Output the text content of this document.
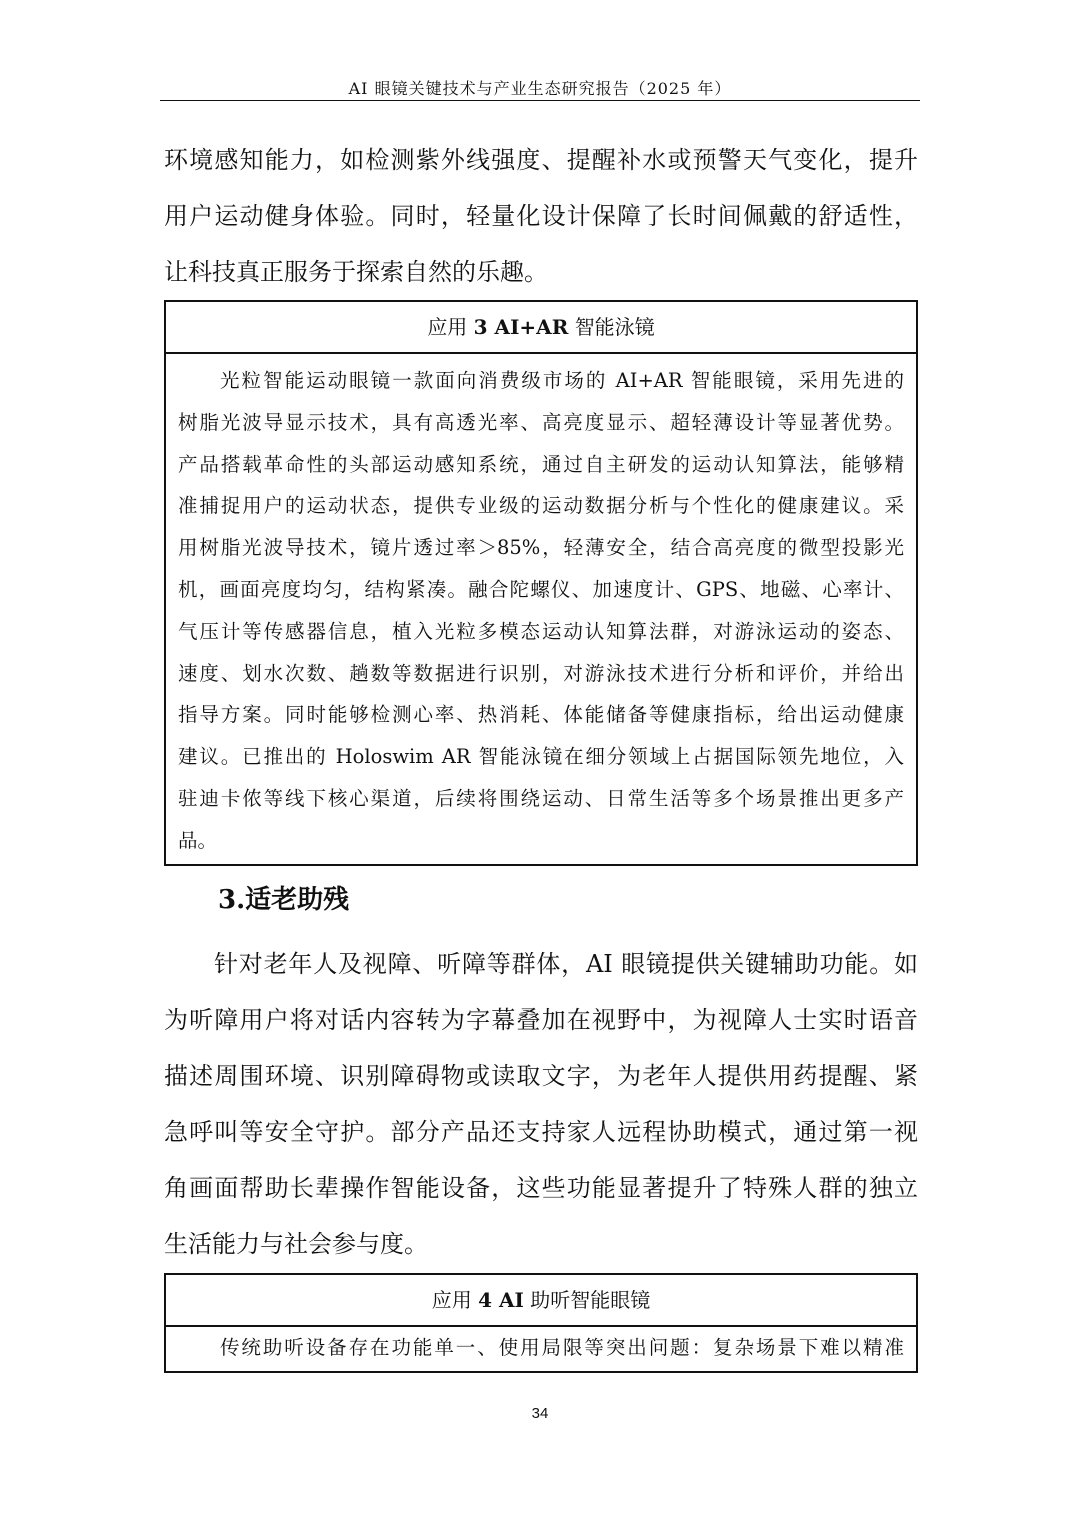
AI 眼镜关键技术与产业生态研究报告（2025 年）
环境感知能力，如检测紫外线强度、提醒补水或预警天气变化，提升
用户运动健身体验。同时，轻量化设计保障了长时间佩戴的舒适性，
让科技真正服务于探索自然的乐趣。
应用 3 AI+AR 智能泳镜
光粒智能运动眼镜一款面向消费级市场的 AI+AR 智能眼镜，采用先进的
树脂光波导显示技术，具有高透光率、高亮度显示、超轻薄设计等显著优势。
产品搭载革命性的头部运动感知系统，通过自主研发的运动认知算法，能够精
准捕捉用户的运动状态，提供专业级的运动数据分析与个性化的健康建议。采
用树脂光波导技术，镜片透过率＞85%，轻薄安全，结合高亮度的微型投影光
机，画面亮度均匀，结构紧凑。融合陀螺仪、加速度计、GPS、地磁、心率计、
气压计等传感器信息，植入光粒多模态运动认知算法群，对游泳运动的姿态、
速度、划水次数、趟数等数据进行识别，对游泳技术进行分析和评价，并给出
指导方案。同时能够检测心率、热消耗、体能储备等健康指标，给出运动健康
建议。已推出的 Holoswim AR 智能泳镜在细分领域上占据国际领先地位，入
驻迪卡侬等线下核心渠道，后续将围绕运动、日常生活等多个场景推出更多产
品。
3.适老助残
针对老年人及视障、听障等群体，AI 眼镜提供关键辅助功能。如
为听障用户将对话内容转为字幕叠加在视野中，为视障人士实时语音
描述周围环境、识别障碍物或读取文字，为老年人提供用药提醒、紧
急呼叫等安全守护。部分产品还支持家人远程协助模式，通过第一视
角画面帮助长辈操作智能设备，这些功能显著提升了特殊人群的独立
生活能力与社会参与度。
应用 4 AI 助听智能眼镜
传统助听设备存在功能单一、使用局限等突出问题：复杂场景下难以精准
34
